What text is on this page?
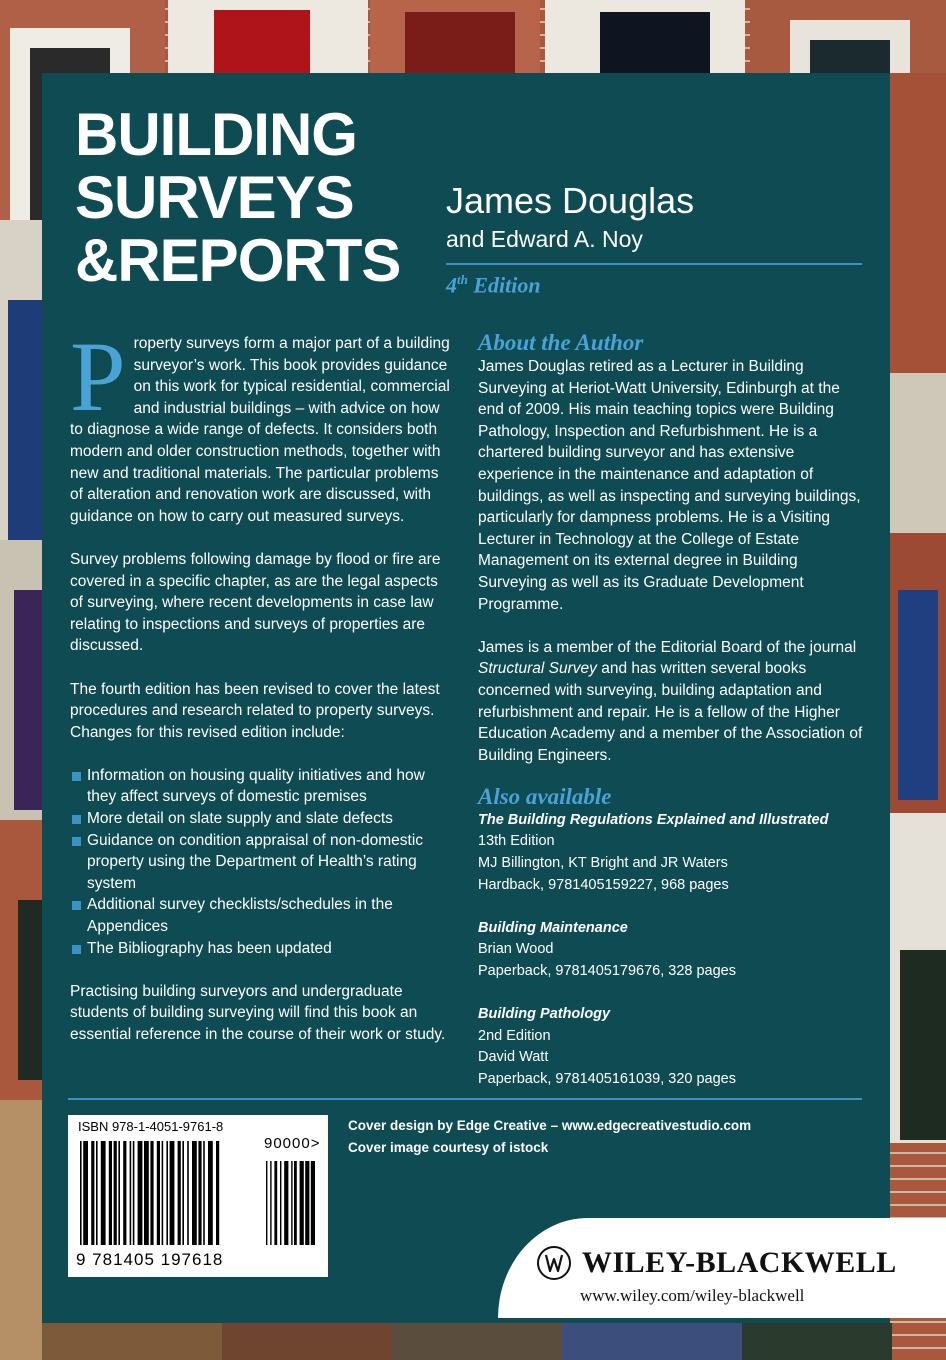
BUILDING
SURVEYS
&REPORTS
James Douglas
and Edward A. Noy
4th Edition

Property surveys form a major part of a building surveyor’s work. This book provides guidance on this work for typical residential, commercial and industrial buildings – with advice on how to diagnose a wide range of defects. It considers both modern and older construction methods, together with new and traditional materials. The particular problems of alteration and renovation work are discussed, with guidance on how to carry out measured surveys.

Survey problems following damage by flood or fire are covered in a specific chapter, as are the legal aspects of surveying, where recent developments in case law relating to inspections and surveys of properties are discussed.

The fourth edition has been revised to cover the latest procedures and research related to property surveys. Changes for this revised edition include:

Information on housing quality initiatives and how they affect surveys of domestic premises
More detail on slate supply and slate defects
Guidance on condition appraisal of non-domestic property using the Department of Health’s rating system
Additional survey checklists/schedules in the Appendices
The Bibliography has been updated

Practising building surveyors and undergraduate students of building surveying will find this book an essential reference in the course of their work or study.

About the Author

James Douglas retired as a Lecturer in Building Surveying at Heriot-Watt University, Edinburgh at the end of 2009. His main teaching topics were Building Pathology, Inspection and Refurbishment. He is a chartered building surveyor and has extensive experience in the maintenance and adaptation of buildings, as well as inspecting and surveying buildings, particularly for dampness problems. He is a Visiting Lecturer in Technology at the College of Estate Management on its external degree in Building Surveying as well as its Graduate Development Programme.

James is a member of the Editorial Board of the journal Structural Survey and has written several books concerned with surveying, building adaptation and refurbishment and repair. He is a fellow of the Higher Education Academy and a member of the Association of Building Engineers.

Also available
The Building Regulations Explained and Illustrated
13th Edition
MJ Billington, KT Bright and JR Waters
Hardback, 9781405159227, 968 pages
Building Maintenance
Brian Wood
Paperback, 9781405179676, 328 pages
Building Pathology
2nd Edition
David Watt
Paperback, 9781405161039, 320 pages
Cover design by Edge Creative – www.edgecreativestudio.com
Cover image courtesy of istock
ISBN 978-1-4051-9761-8
9 781405 197618
90000>
WILEY-BLACKWELL
www.wiley.com/wiley-blackwell
